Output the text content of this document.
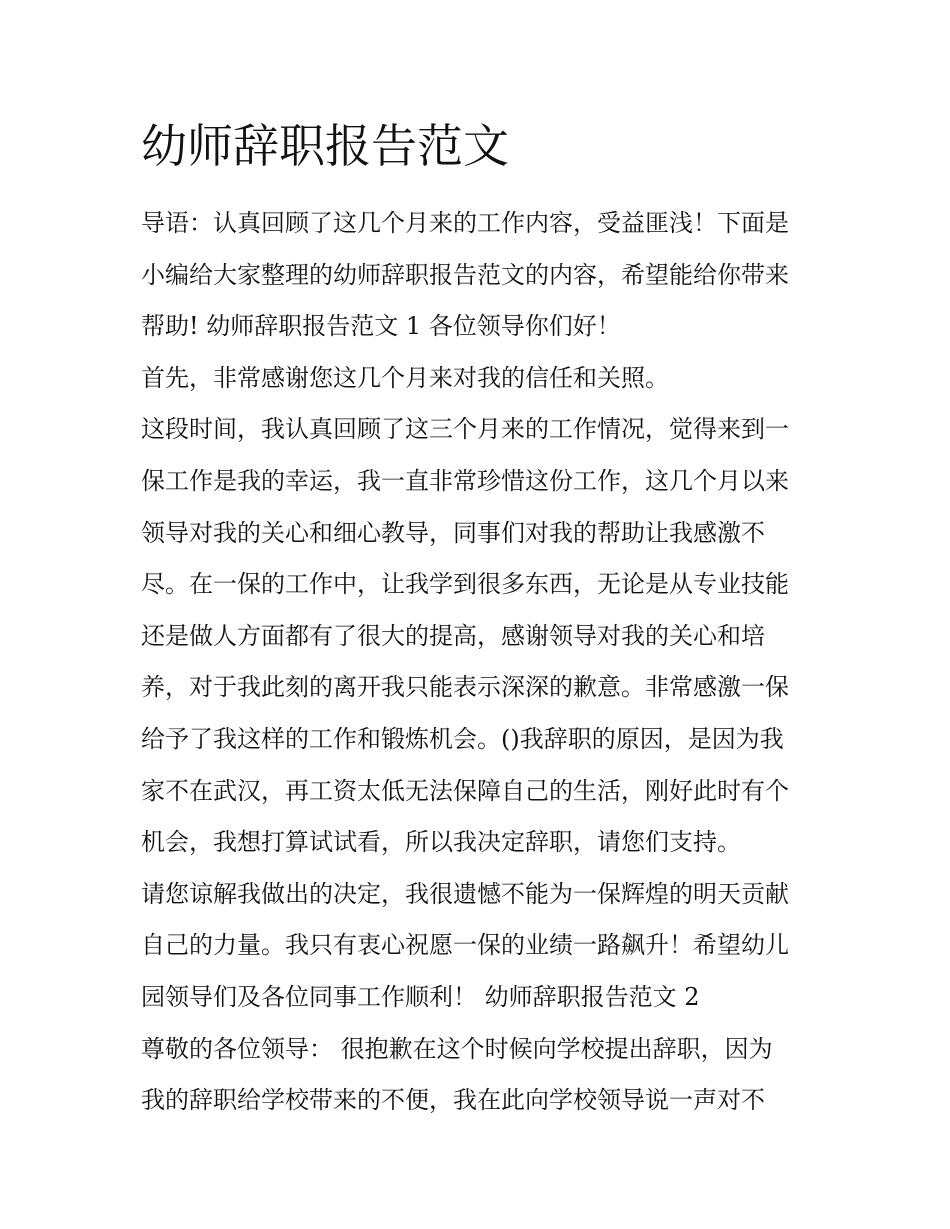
幼师辞职报告范文
导语：认真回顾了这几个月来的工作内容，受益匪浅！下面是
小编给大家整理的幼师辞职报告范文的内容，希望能给你带来
帮助! 幼师辞职报告范文 1 各位领导你们好！
首先，非常感谢您这几个月来对我的信任和关照。
这段时间，我认真回顾了这三个月来的工作情况，觉得来到一
保工作是我的幸运，我一直非常珍惜这份工作，这几个月以来
领导对我的关心和细心教导，同事们对我的帮助让我感激不
尽。在一保的工作中，让我学到很多东西，无论是从专业技能
还是做人方面都有了很大的提高，感谢领导对我的关心和培
养，对于我此刻的离开我只能表示深深的歉意。非常感激一保
给予了我这样的工作和锻炼机会。()我辞职的原因，是因为我
家不在武汉，再工资太低无法保障自己的生活，刚好此时有个
机会，我想打算试试看，所以我决定辞职，请您们支持。
请您谅解我做出的决定，我很遗憾不能为一保辉煌的明天贡献
自己的力量。我只有衷心祝愿一保的业绩一路飙升！希望幼儿
园领导们及各位同事工作顺利！ 幼师辞职报告范文 2
尊敬的各位领导： 很抱歉在这个时候向学校提出辞职，因为
我的辞职给学校带来的不便，我在此向学校领导说一声对不
